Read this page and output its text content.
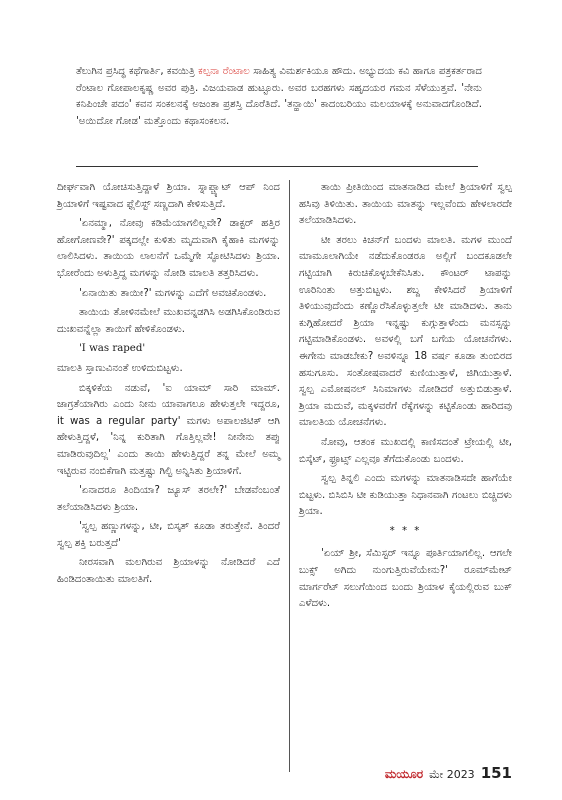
ತೆಲುಗಿನ ಪ್ರಸಿದ್ಧ ಕಥೆಗಾರ್ತಿ, ಕವಯಿತ್ರಿ ಕಲ್ಪನಾ ರೆಂಟಾಲ ಸಾಹಿತ್ಯ ವಿಮರ್ಶಕಿಯೂ ಹೌದು. ಅಭ್ಯುದಯ ಕವಿ ಹಾಗೂ ಪತ್ರಕರ್ತರಾದ ರೆಂಟಾಲ ಗೋಪಾಲಕೃಷ್ಣ ಅವರ ಪುತ್ರಿ. ವಿಜಯವಾಡ ಹುಟ್ಟೂರು. ಅವರ ಬರಹಗಳು ಸಹೃದಯರ ಗಮನ ಸೆಳೆಯುತ್ತವೆ. 'ನೇನು ಕನಿಪಿಂಚೇ ಪದಂ' ಕವನ ಸಂಕಲನಕ್ಕೆ ಅಜಂತಾ ಪ್ರಶಸ್ತಿ ದೊರೆತಿದೆ. 'ತನ್ಹಾಯಿ' ಕಾದಂಬರಿಯು ಮಲಯಾಳಕ್ಕೆ ಅನುವಾದಗೊಂಡಿದೆ. 'ಅಯಿದೋ ಗೋಡ' ಮತ್ತೊಂದು ಕಥಾಸಂಕಲನ.

ದೀರ್ಘವಾಗಿ ಯೋಚಿಸುತ್ತಿದ್ದಾಳೆ ಶ್ರಿಯಾ. ಸ್ನಾಪ್ಚ್ಯಾಟ್ ಆಪ್ ನಿಂದ ಶ್ರಿಯಾಳಿಗೆ ಇಷ್ಟವಾದ ಫ್ಲೆಲಿಸ್ಟ್ ಸಣ್ಣದಾಗಿ ಕೇಳಿಸುತ್ತಿದೆ.

'ಏನಮ್ಮಾ, ನೋವು ಕಡಿಮೆಯಾಗಲಿಲ್ಲವೇ? ಡಾಕ್ಟರ್ ಹತ್ತಿರ ಹೋಗೋಣವೇ?' ಪಕ್ಕದಲ್ಲೇ ಕುಳಿತು ಮೃದುವಾಗಿ ಕೈಹಾಕಿ ಮಗಳನ್ನು ಲಾಲಿಸಿದಳು. ತಾಯಿಯ ಲಾಲನೆಗೆ ಒಮ್ಮೆಗೇ ಸ್ಫೋಟಿಸಿದಳು ಶ್ರಿಯಾ. ಭೋರೆಂದು ಅಳುತ್ತಿದ್ದ ಮಗಳನ್ನು ನೋಡಿ ಮಾಲತಿ ತತ್ತರಿಸಿದಳು.

'ಏನಾಯಿತು ತಾಯೀ?' ಮಗಳನ್ನು ಎದೆಗೆ ಅವಚಿಕೊಂಡಳು.

ತಾಯಿಯ ತೋಳಿನಮೇಲೆ ಮುಖವನ್ನಡಗಿಸಿ ಅಡಗಿಸಿಕೊಂಡಿರುವ ದುಃಖವನ್ನೆಲ್ಲಾ ತಾಯಿಗೆ ಹೇಳಿಕೊಂಡಳು.

'I was raped'

ಮಾಲತಿ ಸ್ತಾಣುವಿನಂತೆ ಉಳಿದುಬಿಟ್ಟಳು.

ಬಿಕ್ಕಳಿಕೆಯ ನಡುವೆ, 'ಐ ಯಾಮ್ ಸಾರಿ ಮಾಮ್. ಜಾಗ್ರತೆಯಾಗಿರು ಎಂದು ನೀನು ಯಾವಾಗಲೂ ಹೇಳುತ್ತಲೇ ಇದ್ದರೂ, it was a regular party' ಮಗಳು ಅಪಾಲಜಿಟಿಕ್ ಆಗಿ ಹೇಳುತ್ತಿದ್ದಳೆ, 'ನಿನ್ನ ಕುರಿತಾಗಿ ಗೊತ್ತಿಲ್ಲವೇ! ನೀನೇನು ತಪ್ಪು ಮಾಡಿರುವುದಿಲ್ಲ' ಎಂದು ತಾಯಿ ಹೇಳುತ್ತಿದ್ದರೆ ತನ್ನ ಮೇಲೆ ಅಮ್ಮ ಇಟ್ಟಿರುವ ನಂಬಿಕೆಗಾಗಿ ಮತ್ತಷ್ಟು ಗಿಲ್ಟಿ ಅನ್ನಿಸಿತು ಶ್ರಿಯಾಳಿಗೆ.

'ಏನಾದರೂ ತಿಂದಿಯಾ? ಜ್ಯೂಸ್ ತರಲೇ?' ಬೇಡವೆಂಬಂತೆ ತಲೆಯಾಡಿಸಿದಳು ಶ್ರಿಯಾ.

'ಸ್ವಲ್ಪ ಹಣ್ಣುಗಳನ್ನು, ಟೀ, ಬಿಸ್ಕತ್ ಕೂಡಾ ತರುತ್ತೇನೆ. ತಿಂದರೆ ಸ್ವಲ್ಪ ಶಕ್ತಿ ಬರುತ್ತದೆ'

ನೀರಸವಾಗಿ ಮಲಗಿರುವ ಶ್ರಿಯಾಳನ್ನು ನೋಡಿದರೆ ಎದೆ ಹಿಂಡಿದಂತಾಯಿತು ಮಾಲತಿಗೆ.

ತಾಯಿ ಪ್ರೀತಿಯಿಂದ ಮಾತನಾಡಿದ ಮೇಲೆ ಶ್ರಿಯಾಳಿಗೆ ಸ್ವಲ್ಪ ಹಸಿವು ತಿಳಿಯಿತು. ತಾಯಿಯ ಮಾತನ್ನು ಇಲ್ಲವೆಂದು ಹೇಳಲಾರದೇ ತಲೆಯಾಡಿಸಿದಳು.

ಟೀ ತರಲು ಕಿಚನ್‌ಗೆ ಬಂದಳು ಮಾಲತಿ. ಮಗಳ ಮುಂದೆ ಮಾಮೂಲಾಗಿಯೇ ನಡೆದುಕೊಂಡರೂ ಅಲ್ಲಿಗೆ ಬಂದಕೂಡಲೇ ಗಟ್ಟಿಯಾಗಿ ಕಿರುಚಿಕೊಳ್ಳಬೇಕೆನಿಸಿತು. ಕೌಂಟರ್ ಟಾಪನ್ನು ಊರಿನಿಂತು ಅತ್ತುಬಿಟ್ಟಳು. ಶಬ್ದ ಕೇಳಿಸಿದರೆ ಶ್ರಿಯಾಳಿಗೆ ತಿಳಿಯುವುದೆಂದು ಕಣ್ಣೊರೆಸಿಕೊಳ್ಳುತ್ತಲೇ ಟೀ ಮಾಡಿದಳು. ತಾನು ಕುಗ್ಗಿಹೋದರೆ ಶ್ರಿಯಾ ಇನ್ನಷ್ಟು ಕುಗ್ಗುತ್ತಾಳೆಂದು ಮನಸ್ಸನ್ನು ಗಟ್ಟಿಮಾಡಿಕೊಂಡಳು. ಅವಳಲ್ಲಿ ಬಗೆ ಬಗೆಯ ಯೋಚನೆಗಳು. ಈಗೇನು ಮಾಡಬೇಕು? ಅವಳಿನ್ನೂ 18 ವರ್ಷ ಕೂಡಾ ತುಂಬಿರದ ಹಸುಗೂಸು. ಸಂತೋಷವಾದರೆ ಕುಣಿಯುತ್ತಾಳೆ, ಜಿಗಿಯುತ್ತಾಳೆ. ಸ್ವಲ್ಪ ಎಮೋಷನಲ್ ಸಿನಿಮಾಗಳು ನೋಡಿದರೆ ಅತ್ತುಬಿಡುತ್ತಾಳೆ. ಶ್ರಿಯಾ ಮದುವೆ, ಮಕ್ಕಳವರೆಗೆ ರೆಕ್ಕೆಗಳನ್ನು ಕಟ್ಟಿಕೊಂಡು ಹಾರಿದವು ಮಾಲತಿಯ ಯೋಚನೆಗಳು.

ನೋವು, ಆತಂಕ ಮುಖದಲ್ಲಿ ಕಾಣಿಸದಂತೆ ಟ್ರೇಯಲ್ಲಿ ಟೀ, ಬಿಸ್ಕೆಟ್, ಫ್ರೂಟ್ಸ್ ಎಲ್ಲವೂ ತೆಗೆದುಕೊಂಡು ಬಂದಳು.

ಸ್ವಲ್ಪ ತಿನ್ನಲಿ ಎಂದು ಮಗಳನ್ನು ಮಾತನಾಡಿಸದೇ ಹಾಗೆಯೇ ಬಿಟ್ಟಳು. ಬಿಸಿಬಿಸಿ ಟೀ ಕುಡಿಯುತ್ತಾ ನಿಧಾನವಾಗಿ ಗಂಟಲು ಬಿಚ್ಚಿದಳು ಶ್ರಿಯಾ.

* * *

'ಏಯ್ ಶ್ರೀ, ಸೆಮಿಸ್ಟರ್ ಇನ್ನೂ ಪೂರ್ತಿಯಾಗಲಿಲ್ಲ. ಆಗಲೇ ಬುಕ್ಸ್ ಅಗಿದು ನುಂಗುತ್ತಿರುವೆಯೇನು?' ರೂಮ್‌ಮೇಟ್ ಮಾರ್ಗರೆಟ್ ಸಲುಗೆಯಿಂದ ಬಂದು ಶ್ರಿಯಾಳ ಕೈಯಲ್ಲಿರುವ ಬುಕ್ ಎಳೆದಳು.

ಮಯೂರ ಮೇ 2023 151
